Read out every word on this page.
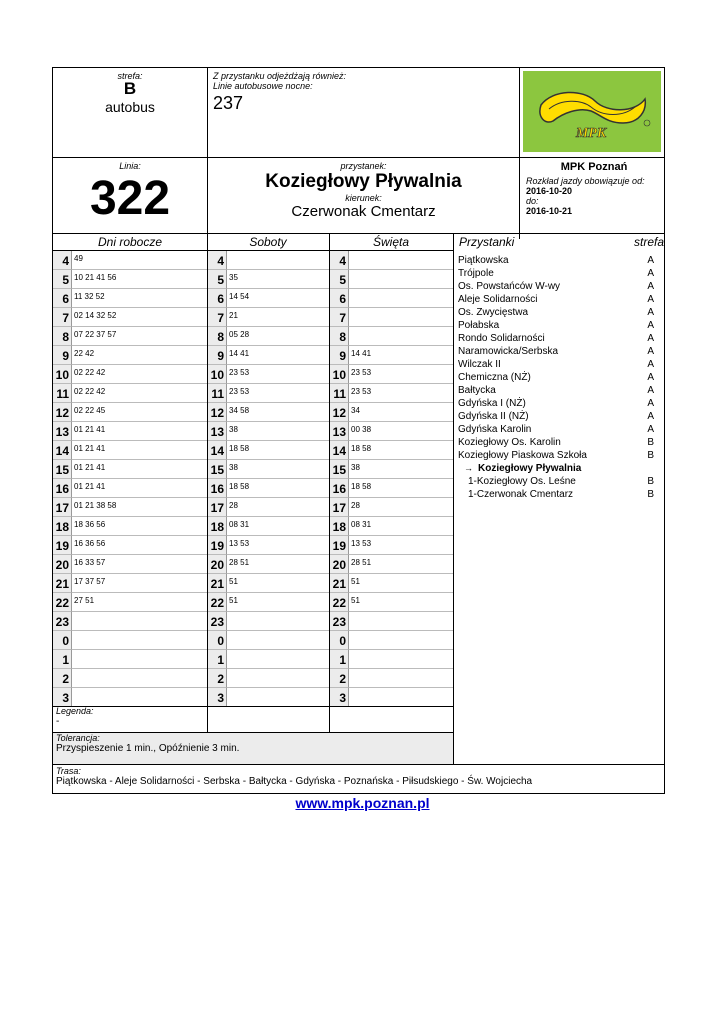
strefa:
B
autobus
Z przystanku odjeżdżają również:
Linie autobusowe nocne:
237
MPK
Linia:
322
przystanek:
Koziegłowy Pływalnia
kierunek:
Czerwonak Cmentarz
MPK Poznań
Rozkład jazdy obowiązuje od:
2016-10-20
do:
2016-10-21
Dni robocze	Soboty	Święta	Przystanki	strefa
4 49	4	4
5 10 21 41 56	5 35	5
6 11 32 52	6 14 54	6
7 02 14 32 52	7 21	7
8 07 22 37 57	8 05 28	8
9 22 42	9 14 41	9 14 41
10 02 22 42	10 23 53	10 23 53
11 02 22 42	11 23 53	11 23 53
12 02 22 45	12 34 58	12 34
13 01 21 41	13 38	13 00 38
14 01 21 41	14 18 58	14 18 58
15 01 21 41	15 38	15 38
16 01 21 41	16 18 58	16 18 58
17 01 21 38 58	17 28	17 28
18 18 36 56	18 08 31	18 08 31
19 16 36 56	19 13 53	19 13 53
20 16 33 57	20 28 51	20 28 51
21 17 37 57	21 51	21 51
22 27 51	22 51	22 51
23	23	23
0	0	0
1	1	1
2	2	2
3	3	3
Piątkowska	A
Trójpole	A
Os. Powstańców W-wy	A
Aleje Solidarności	A
Os. Zwycięstwa	A
Połabska	A
Rondo Solidarności	A
Naramowicka/Serbska	A
Wilczak II	A
Chemiczna (NŻ)	A
Bałtycka	A
Gdyńska I (NŻ)	A
Gdyńska II (NŻ)	A
Gdyńska Karolin	A
Koziegłowy Os. Karolin	B
Koziegłowy Piaskowa Szkoła	B
→ Koziegłowy Pływalnia
1-Koziegłowy Os. Leśne	B
1-Czerwonak Cmentarz	B
Legenda:
-
Tolerancja:
Przyspieszenie 1 min., Opóźnienie 3 min.
Trasa:
Piątkowska - Aleje Solidarności - Serbska - Bałtycka - Gdyńska - Poznańska - Piłsudskiego - Św. Wojciecha
www.mpk.poznan.pl
